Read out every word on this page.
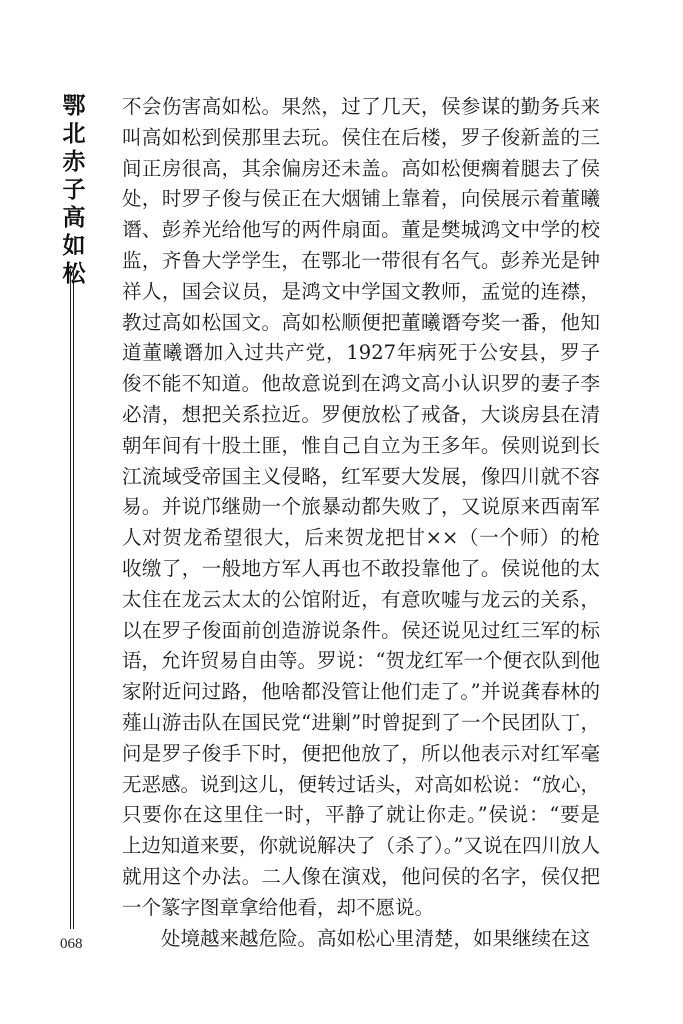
鄂北赤子高如松

不会伤害高如松。果然，过了几天，侯参谋的勤务兵来叫高如松到侯那里去玩。侯住在后楼，罗子俊新盖的三间正房很高，其余偏房还未盖。高如松便瘸着腿去了侯处，时罗子俊与侯正在大烟铺上靠着，向侯展示着董曦谮、彭养光给他写的两件扇面。董是樊城鸿文中学的校监，齐鲁大学学生，在鄂北一带很有名气。彭养光是钟祥人，国会议员，是鸿文中学国文教师，孟觉的连襟，教过高如松国文。高如松顺便把董曦谮夸奖一番，他知道董曦谮加入过共产党，1927年病死于公安县，罗子俊不能不知道。他故意说到在鸿文高小认识罗的妻子李必清，想把关系拉近。罗便放松了戒备，大谈房县在清朝年间有十股土匪，惟自己自立为王多年。侯则说到长江流域受帝国主义侵略，红军要大发展，像四川就不容易。并说邝继勋一个旅暴动都失败了，又说原来西南军人对贺龙希望很大，后来贺龙把甘××（一个师）的枪收缴了，一般地方军人再也不敢投靠他了。侯说他的太太住在龙云太太的公馆附近，有意吹嘘与龙云的关系，以在罗子俊面前创造游说条件。侯还说见过红三军的标语，允许贸易自由等。罗说：“贺龙红军一个便衣队到他家附近问过路，他啥都没管让他们走了。”并说龚春林的薤山游击队在国民党“进剿”时曾捉到了一个民团队丁，问是罗子俊手下时，便把他放了，所以他表示对红军毫无恶感。说到这儿，便转过话头，对高如松说：“放心，只要你在这里住一时，平静了就让你走。”侯说：“要是上边知道来要，你就说解决了（杀了）。”又说在四川放人就用这个办法。二人像在演戏，他问侯的名字，侯仅把一个篆字图章拿给他看，却不愿说。

处境越来越危险。高如松心里清楚，如果继续在这

068
